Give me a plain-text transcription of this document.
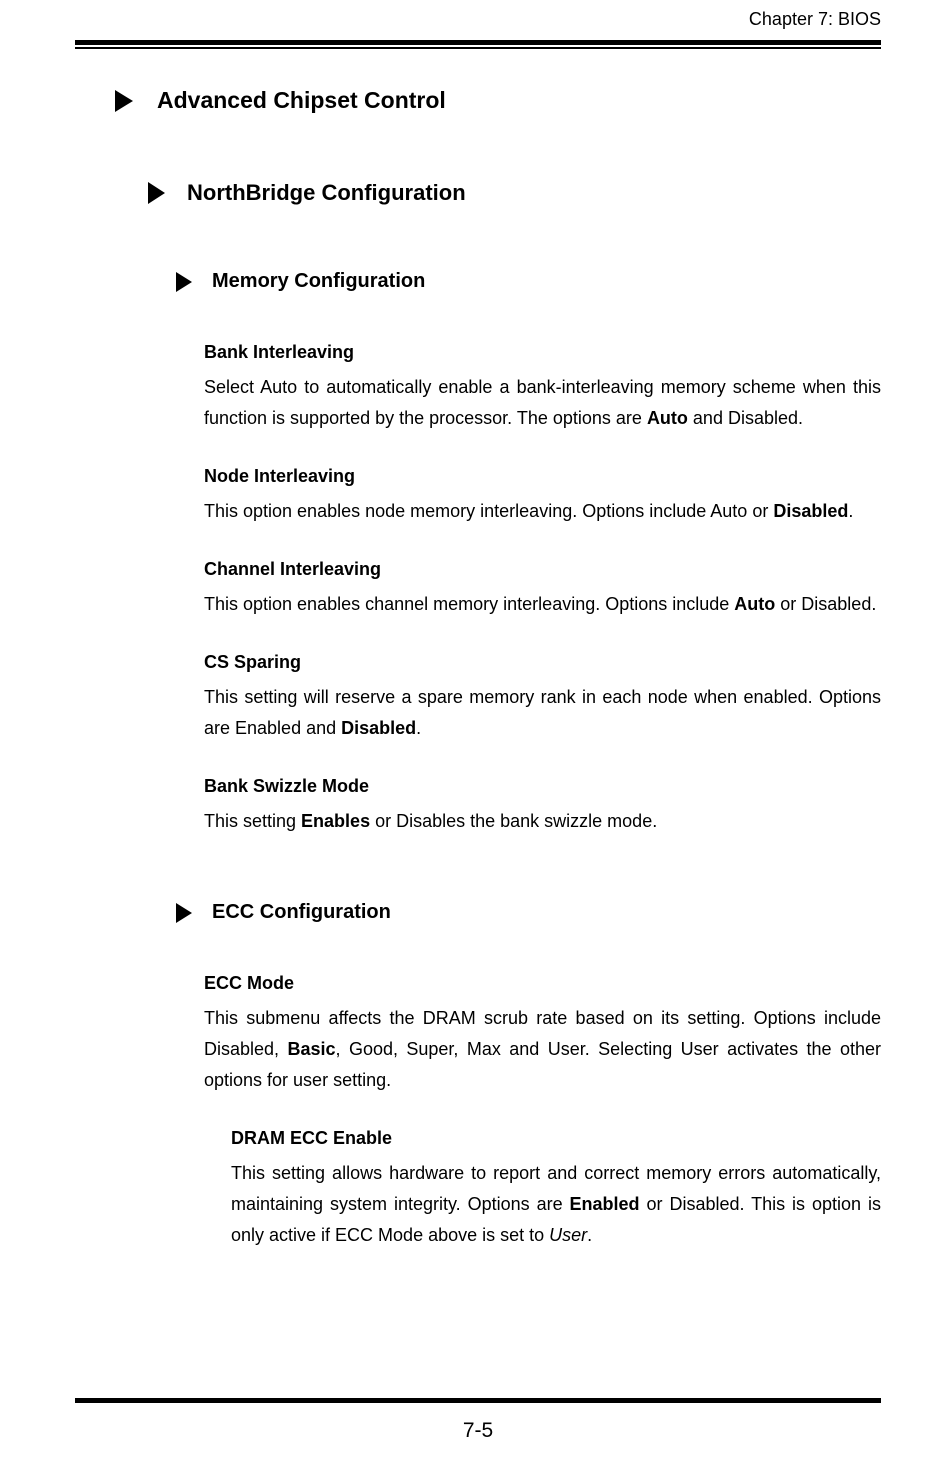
Chapter 7: BIOS
Advanced Chipset Control
NorthBridge Configuration
Memory Configuration
Bank Interleaving

Select Auto to automatically enable a bank-interleaving memory scheme when this function is supported by the processor. The options are Auto and Disabled.

Node Interleaving

This option enables node memory interleaving. Options include Auto or Disabled.

Channel Interleaving

This option enables channel memory interleaving. Options include Auto or Disabled.

CS Sparing

This setting will reserve a spare memory rank in each node when enabled. Options are Enabled and Disabled.

Bank Swizzle Mode

This setting Enables or Disables the bank swizzle mode.

ECC Configuration
ECC Mode

This submenu affects the DRAM scrub rate based on its setting. Options include Disabled, Basic, Good, Super, Max and User. Selecting User activates the other options for user setting.

DRAM ECC Enable

This setting allows hardware to report and correct memory errors automatically, maintaining system integrity. Options are Enabled or Disabled. This is option is only active if ECC Mode above is set to User.

7-5
